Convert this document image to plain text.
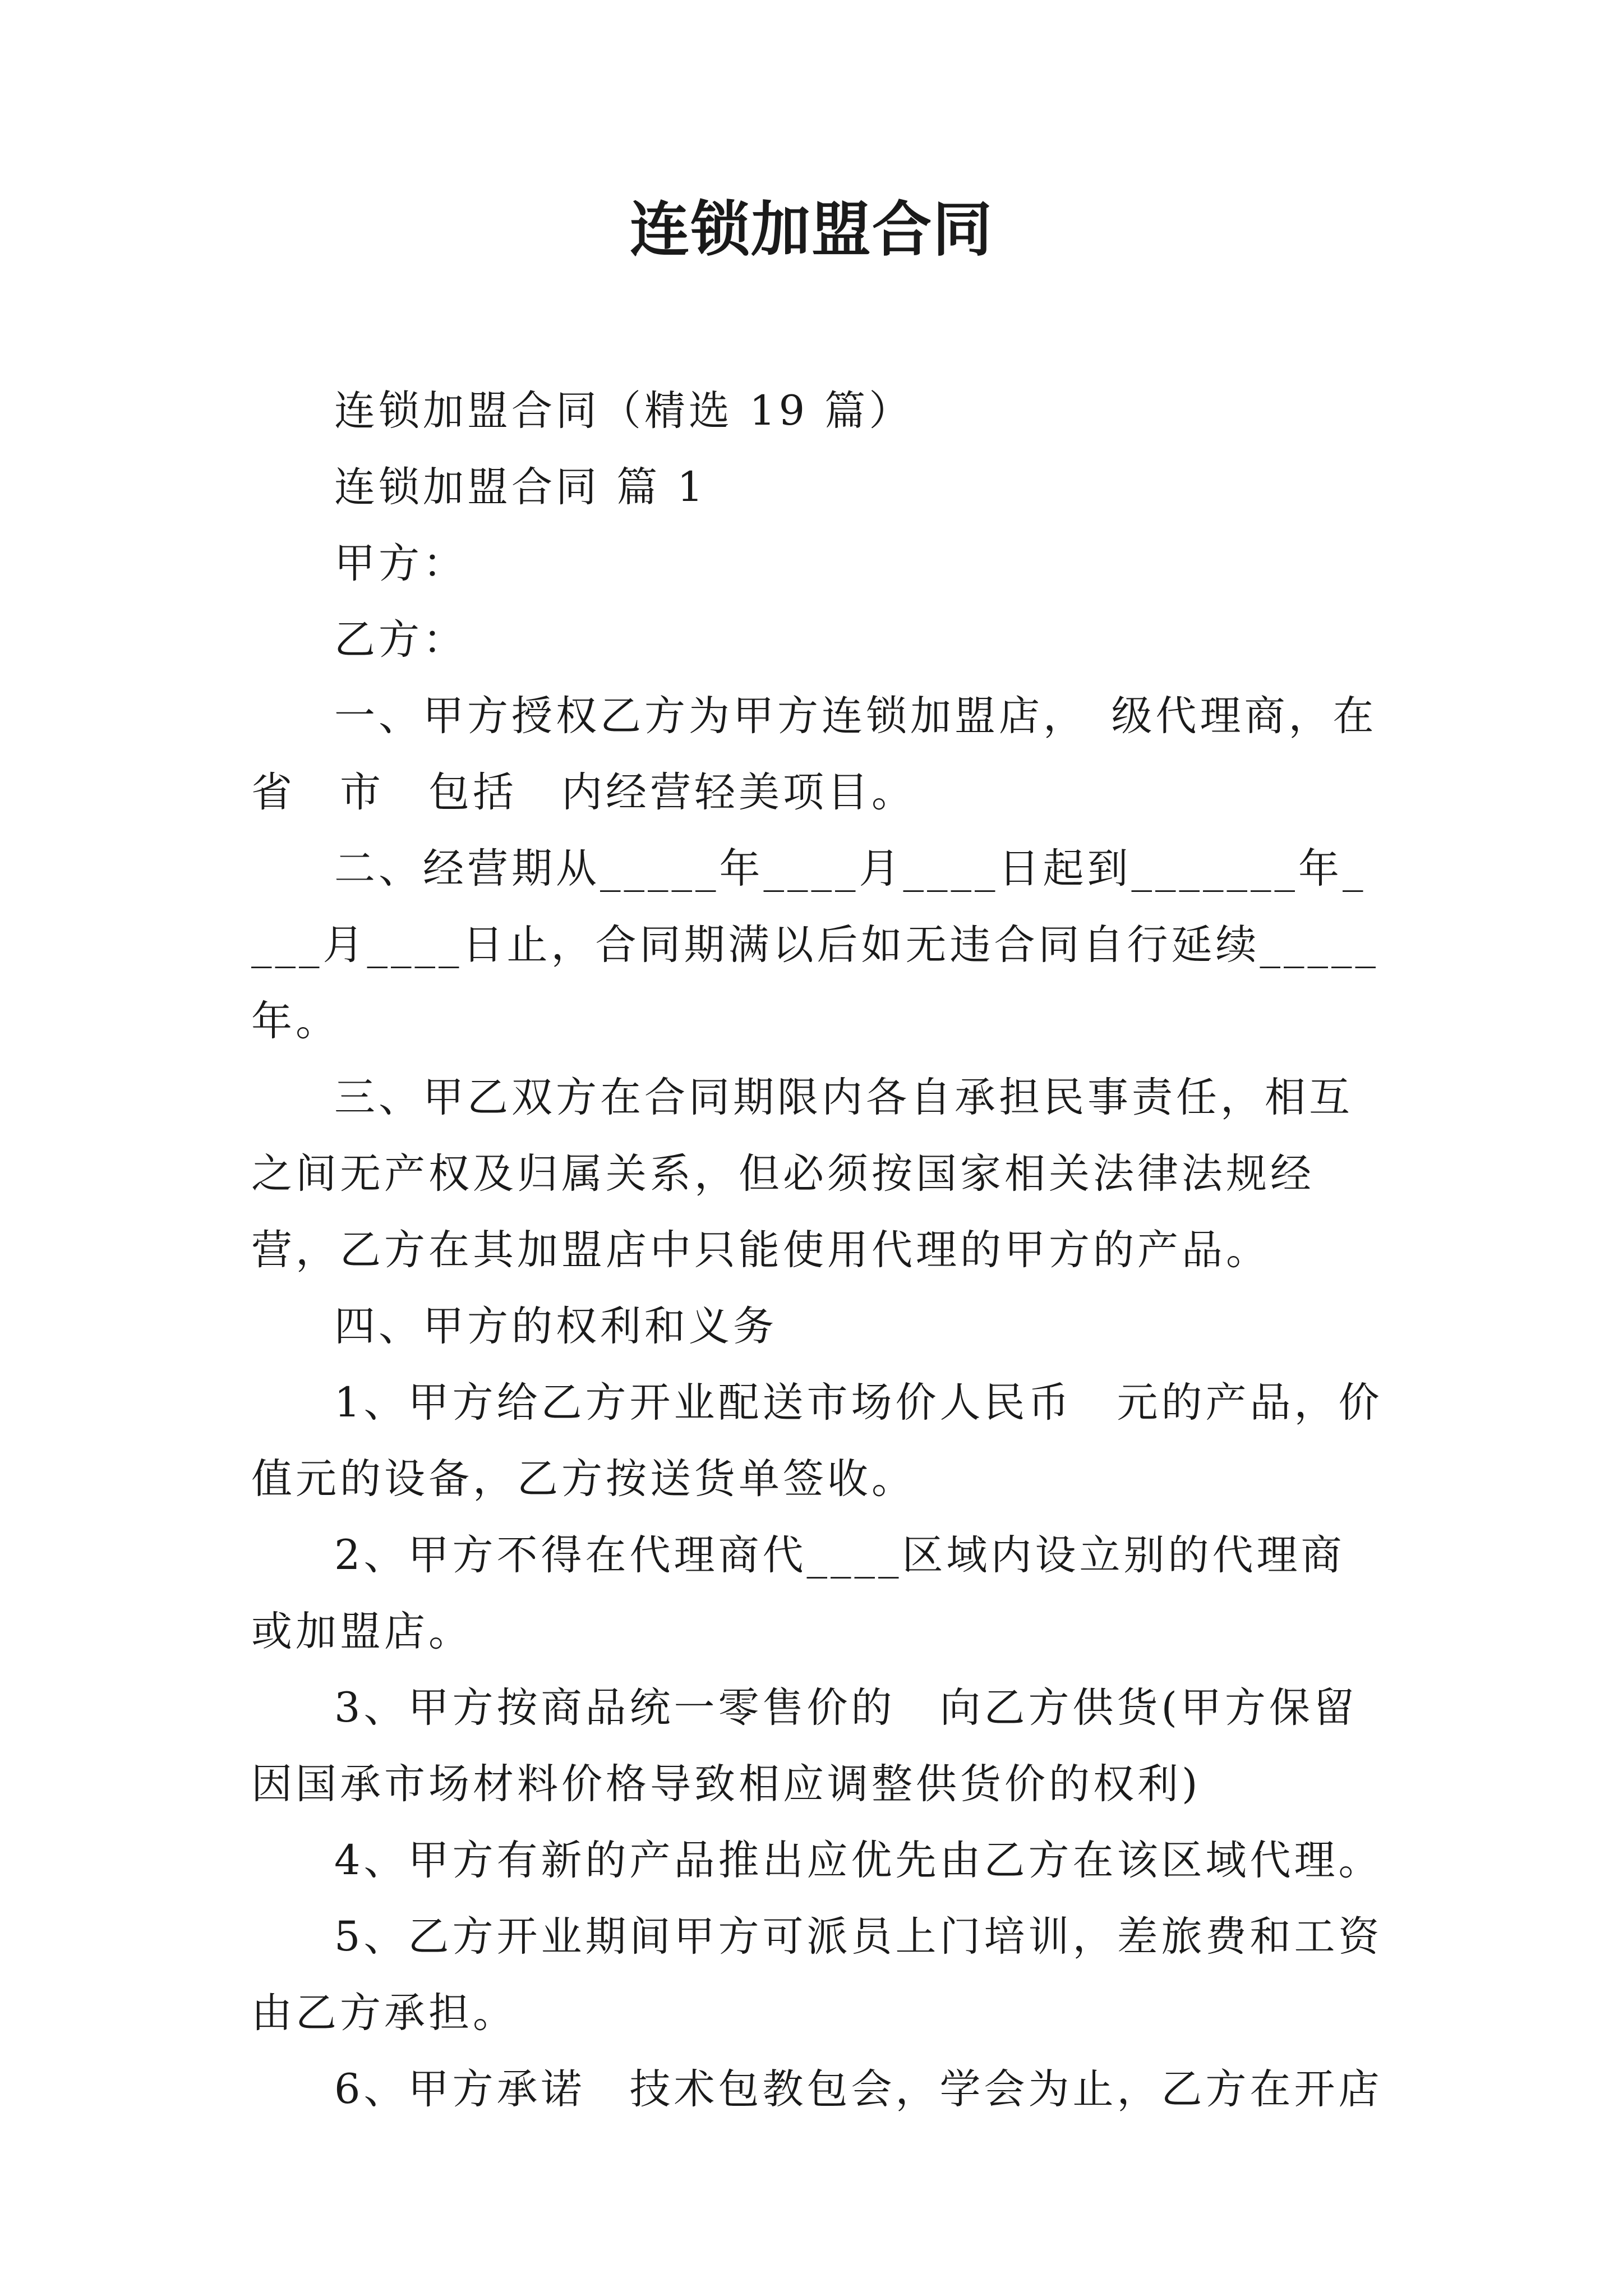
连锁加盟合同

连锁加盟合同（精选 19 篇）

连锁加盟合同 篇 1

甲方：

乙方：

一、甲方授权乙方为甲方连锁加盟店，　级代理商，在　省　市　包括　内经营轻美项目。

二、经营期从_____年____月____日起到_______年____月____日止，合同期满以后如无违合同自行延续_____年。

三、甲乙双方在合同期限内各自承担民事责任，相互之间无产权及归属关系，但必须按国家相关法律法规经营，乙方在其加盟店中只能使用代理的甲方的产品。

四、甲方的权利和义务

1、甲方给乙方开业配送市场价人民币　元的产品，价值元的设备，乙方按送货单签收。

2、甲方不得在代理商代____区域内设立别的代理商或加盟店。

3、甲方按商品统一零售价的　向乙方供货(甲方保留因国承市场材料价格导致相应调整供货价的权利)

4、甲方有新的产品推出应优先由乙方在该区域代理。

5、乙方开业期间甲方可派员上门培训，差旅费和工资由乙方承担。

6、甲方承诺　技术包教包会，学会为止，乙方在开店
